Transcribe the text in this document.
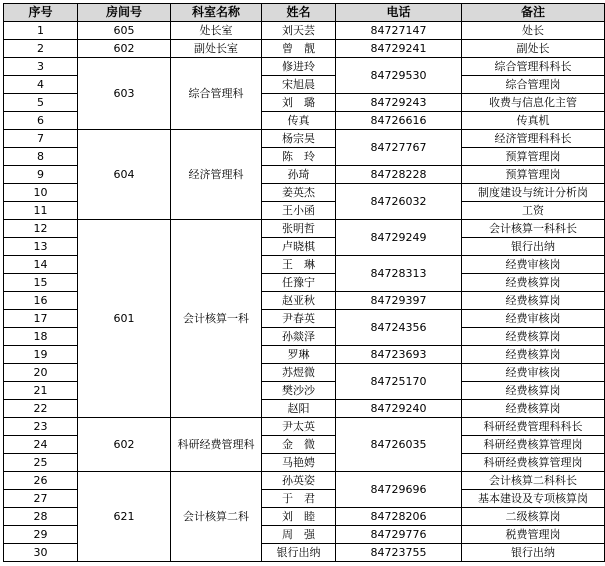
序号	房间号	科室名称	姓名	电话	备注
1	605	处长室	刘天芸	84727147	处长
2	602	副处长室	曾　靓	84729241	副处长
3	603	综合管理科	修进玲	84729530	综合管理科科长
4			宋旭晨		综合管理岗
5			刘　璐	84729243	收费与信息化主管
6			传真	84726616	传真机
7	604	经济管理科	杨宗昊	84727767	经济管理科科长
8			陈　玲		预算管理岗
9			孙琦	84728228	预算管理岗
10			姜英杰	84726032	制度建设与统计分析岗
11			王小函		工资
12	601	会计核算一科	张明哲	84729249	会计核算一科科长
13			卢晓棋		银行出纳
14			王　琳	84728313	经费审核岗
15			任豫宁		经费核算岗
16			赵亚秋	84729397	经费核算岗
17			尹春英	84724356	经费审核岗
18			孙燚泽		经费核算岗
19			罗琳	84723693	经费核算岗
20			苏煜微	84725170	经费审核岗
21			樊沙沙		经费核算岗
22			赵阳	84729240	经费核算岗
23	602	科研经费管理科	尹太英	84726035	科研经费管理科科长
24			金　微		科研经费核算管理岗
25			马艳娉		科研经费核算管理岗
26	621	会计核算二科	孙英姿	84729696	会计核算二科科长
27			于　君		基本建设及专项核算岗
28			刘　睦	84728206	二级核算岗
29			周　强	84729776	税费管理岗
30			银行出纳	84723755	银行出纳
